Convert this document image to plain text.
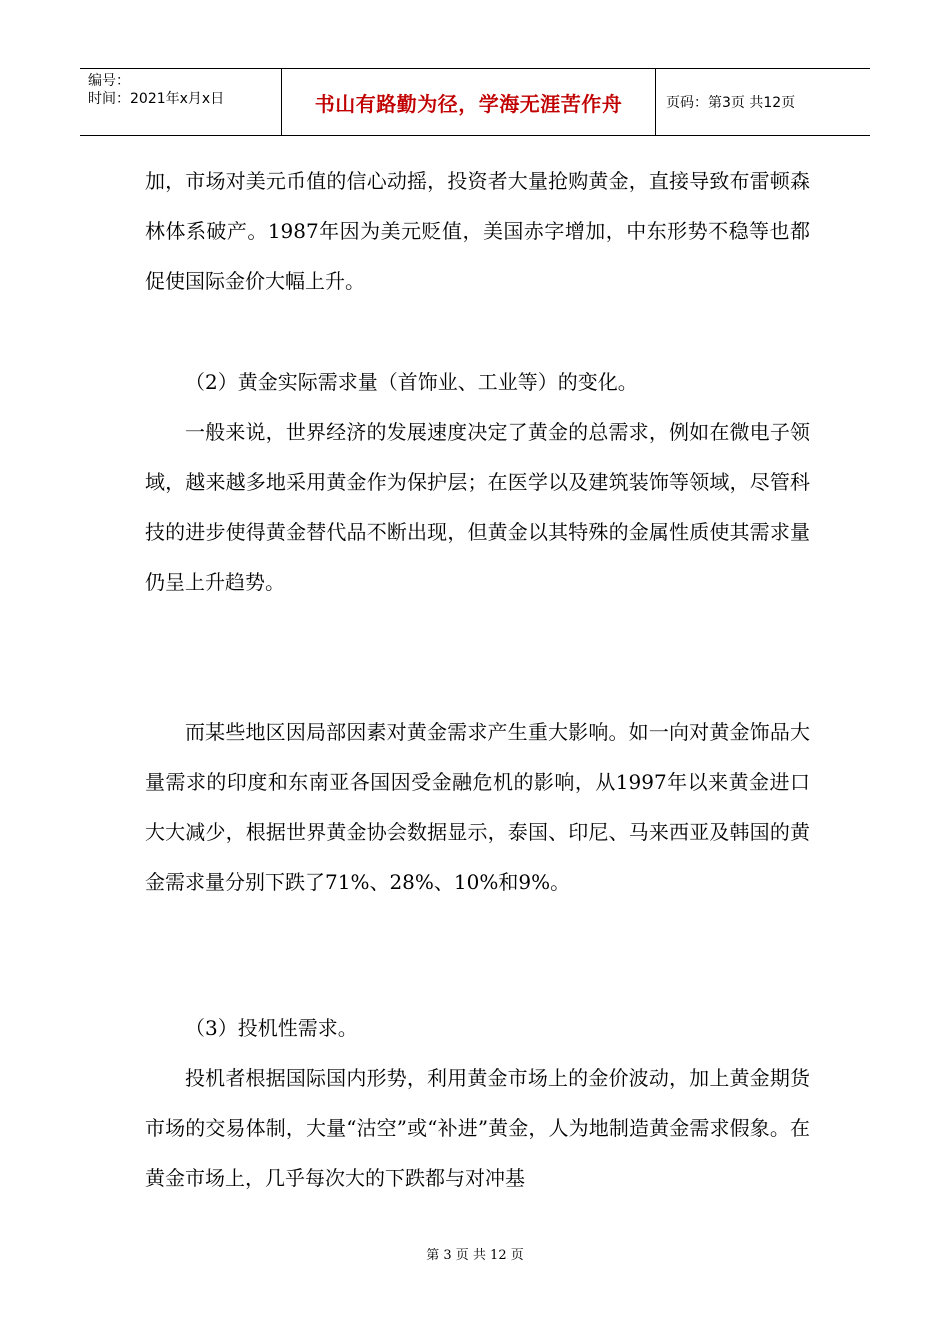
编号：
时间：2021年x月x日	书山有路勤为径，学海无涯苦作舟	页码：第3页 共12页

加，市场对美元币值的信心动摇，投资者大量抢购黄金，直接导致布雷顿森林体系破产。1987年因为美元贬值，美国赤字增加，中东形势不稳等也都促使国际金价大幅上升。

（2）黄金实际需求量（首饰业、工业等）的变化。

一般来说，世界经济的发展速度决定了黄金的总需求，例如在微电子领域，越来越多地采用黄金作为保护层；在医学以及建筑装饰等领域，尽管科技的进步使得黄金替代品不断出现，但黄金以其特殊的金属性质使其需求量仍呈上升趋势。

而某些地区因局部因素对黄金需求产生重大影响。如一向对黄金饰品大量需求的印度和东南亚各国因受金融危机的影响，从1997年以来黄金进口大大减少，根据世界黄金协会数据显示，泰国、印尼、马来西亚及韩国的黄金需求量分别下跌了71%、28%、10%和9%。

（3）投机性需求。

投机者根据国际国内形势，利用黄金市场上的金价波动，加上黄金期货市场的交易体制，大量“沽空”或“补进”黄金，人为地制造黄金需求假象。在黄金市场上，几乎每次大的下跌都与对冲基

第 3 页 共 12 页
